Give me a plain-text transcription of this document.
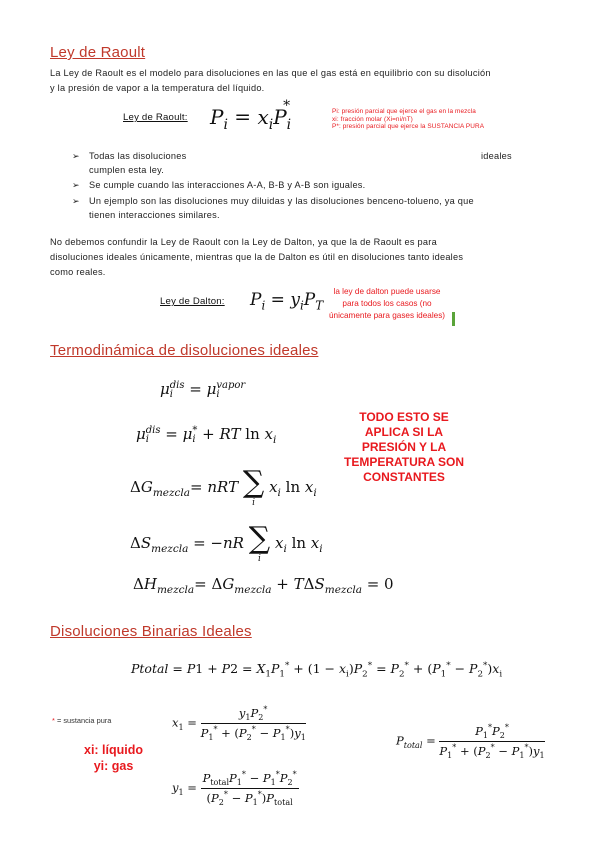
Ley de Raoult
La Ley de Raoult es el modelo para disoluciones en las que el gas está en equilibrio con su disolución
y la presión de vapor a la temperatura del líquido.
Ley de Raoult: $P_i = x_iP_i^*$	Pi: presión parcial que ejerce el gas en la mezcla
xi: fracción molar (Xi=ni/nT)
P*: presión parcial que ejerce la SUSTANCIA PURA
➢ Todas las disoluciones	ideales
cumplen esta ley.
➢ Se cumple cuando las interacciones A-A, B-B y A-B son iguales.
➢ Un ejemplo son las disoluciones muy diluidas y las disoluciones benceno-tolueno, ya que
tienen interacciones similares.
No debemos confundir la Ley de Raoult con la Ley de Dalton, ya que la de Raoult es para
disoluciones ideales únicamente, mientras que la de Dalton es útil en disoluciones tanto ideales
como reales.
Ley de Dalton: $P_i = y_iP_T$
la ley de dalton puede usarse
para todos los casos (no
únicamente para gases ideales)
Termodinámica de disoluciones ideales
μ dis
i = μ vapor
i
μ dis
i = μ *
i + RT $\ln x_i$
$\Delta G_{mezcla}=$ nRT ∑
i
$x_i$ $\ln x_i$
$\Delta S_{mezcla} = -nR$ ∑
i
$x_i$ $\ln x_i$
$\Delta H_{mezcla}= \Delta G_{mezcla} + T\Delta S_{mezcla} = 0$
TODO ESTO SE
APLICA SI LA
PRESIÓN Y LA
TEMPERATURA SON
CONSTANTES
Disoluciones Binarias Ideales
Ptotal = $P1 + P2 = X_1P_1^* + (1 - x_i)P_2^* = P_2^* + (P_1^* - P_2^*)x_i$
* = sustancia pura
xi: líquido
yi: gas
$x_1 = \frac{y_1P_2^*}{P_1^* + (P_2^* - P_1^*)y_1}$
$y_1 = \frac{P_{total}P_1^* - P_1^*P_2^*}{(P_2^* - P_1^*)P_{total}}$
$P_{total} = \frac{P_1^*P_2^*}{P_1^* + (P_2^* - P_1^*)y_1}$
